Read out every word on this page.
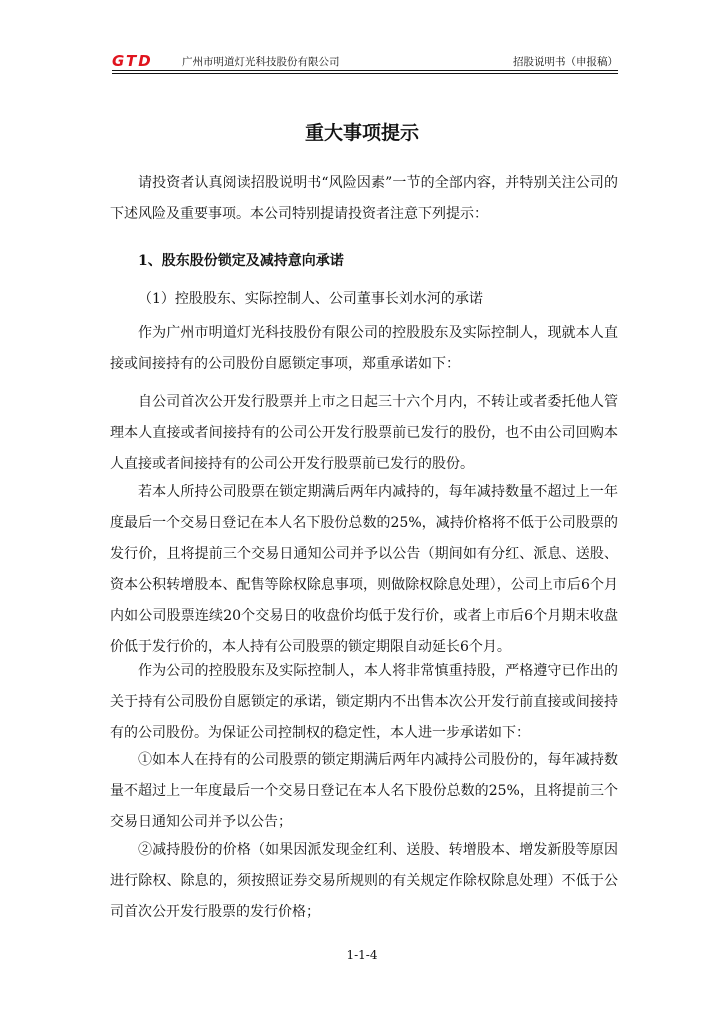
GTD	广州市明道灯光科技股份有限公司	招股说明书（申报稿）
重大事项提示

请投资者认真阅读招股说明书“风险因素”一节的全部内容，并特别关注公司的下述风险及重要事项。本公司特别提请投资者注意下列提示：

1、股东股份锁定及减持意向承诺

（1）控股股东、实际控制人、公司董事长刘水河的承诺

作为广州市明道灯光科技股份有限公司的控股股东及实际控制人，现就本人直接或间接持有的公司股份自愿锁定事项，郑重承诺如下：

自公司首次公开发行股票并上市之日起三十六个月内，不转让或者委托他人管理本人直接或者间接持有的公司公开发行股票前已发行的股份，也不由公司回购本人直接或者间接持有的公司公开发行股票前已发行的股份。

若本人所持公司股票在锁定期满后两年内减持的，每年减持数量不超过上一年度最后一个交易日登记在本人名下股份总数的25%，减持价格将不低于公司股票的发行价，且将提前三个交易日通知公司并予以公告（期间如有分红、派息、送股、资本公积转增股本、配售等除权除息事项，则做除权除息处理），公司上市后6个月内如公司股票连续20个交易日的收盘价均低于发行价，或者上市后6个月期末收盘价低于发行价的，本人持有公司股票的锁定期限自动延长6个月。

作为公司的控股股东及实际控制人，本人将非常慎重持股，严格遵守已作出的关于持有公司股份自愿锁定的承诺，锁定期内不出售本次公开发行前直接或间接持有的公司股份。为保证公司控制权的稳定性，本人进一步承诺如下：

①如本人在持有的公司股票的锁定期满后两年内减持公司股份的，每年减持数量不超过上一年度最后一个交易日登记在本人名下股份总数的25%，且将提前三个交易日通知公司并予以公告；

②减持股份的价格（如果因派发现金红利、送股、转增股本、增发新股等原因进行除权、除息的，须按照证券交易所规则的有关规定作除权除息处理）不低于公司首次公开发行股票的发行价格；

1-1-4
